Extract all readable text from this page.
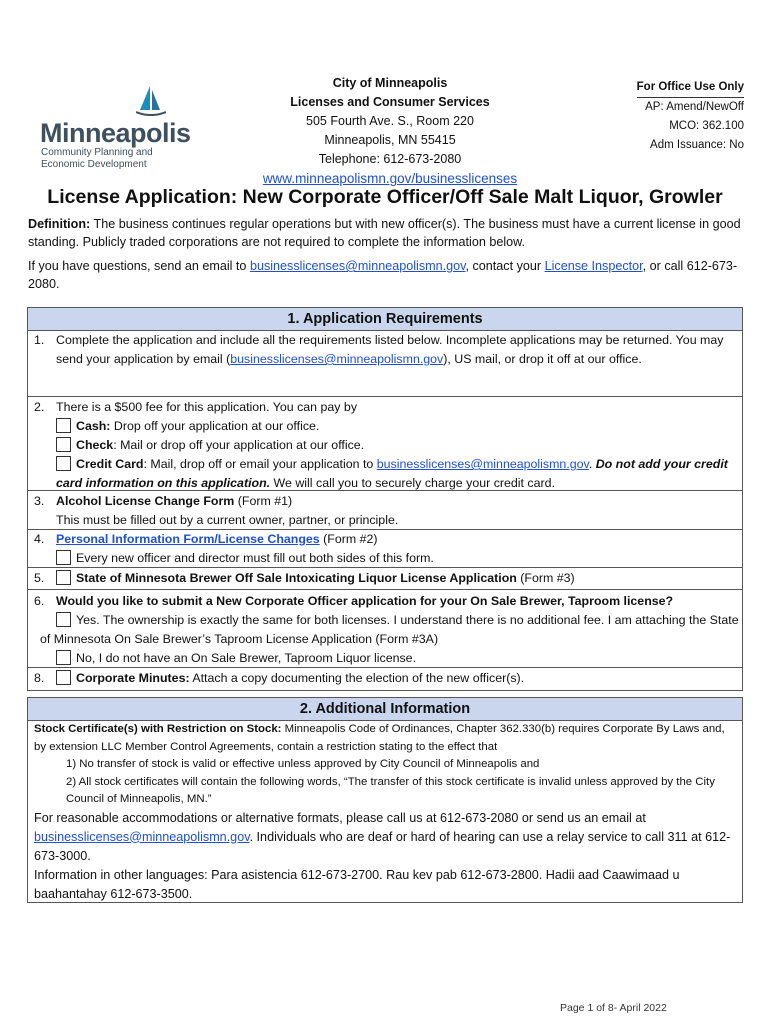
Minneapolis
Community Planning and
Economic Development
City of Minneapolis
Licenses and Consumer Services
505 Fourth Ave. S., Room 220
Minneapolis, MN 55415
Telephone: 612-673-2080
www.minneapolismn.gov/businesslicenses
For Office Use Only
AP: Amend/NewOff
MCO: 362.100
Adm Issuance: No
License Application: New Corporate Officer/Off Sale Malt Liquor, Growler
Definition: The business continues regular operations but with new officer(s). The business must have a current license in good standing. Publicly traded corporations are not required to complete the information below.
If you have questions, send an email to businesslicenses@minneapolismn.gov, contact your License Inspector, or call 612-673-2080.
1. Application Requirements
1. Complete the application and include all the requirements listed below. Incomplete applications may be returned. You may send your application by email (businesslicenses@minneapolismn.gov), US mail, or drop it off at our office.
2. There is a $500 fee for this application. You can pay by
Cash: Drop off your application at our office.
Check: Mail or drop off your application at our office.
Credit Card: Mail, drop off or email your application to businesslicenses@minneapolismn.gov. Do not add your credit card information on this application. We will call you to securely charge your credit card.
3. Alcohol License Change Form (Form #1)
This must be filled out by a current owner, partner, or principle.
4. Personal Information Form/License Changes (Form #2)
Every new officer and director must fill out both sides of this form.
5.	State of Minnesota Brewer Off Sale Intoxicating Liquor License Application (Form #3)
6. Would you like to submit a New Corporate Officer application for your On Sale Brewer, Taproom license?
Yes. The ownership is exactly the same for both licenses. I understand there is no additional fee. I am attaching the State of Minnesota On Sale Brewer’s Taproom License Application (Form #3A)
No, I do not have an On Sale Brewer, Taproom Liquor license.
8.	Corporate Minutes: Attach a copy documenting the election of the new officer(s).
2. Additional Information
Stock Certificate(s) with Restriction on Stock: Minneapolis Code of Ordinances, Chapter 362.330(b) requires Corporate By Laws and, by extension LLC Member Control Agreements, contain a restriction stating to the effect that
1) No transfer of stock is valid or effective unless approved by City Council of Minneapolis and
2) All stock certificates will contain the following words, “The transfer of this stock certificate is invalid unless approved by the City Council of Minneapolis, MN.”
For reasonable accommodations or alternative formats, please call us at 612-673-2080 or send us an email at businesslicenses@minneapolismn.gov. Individuals who are deaf or hard of hearing can use a relay service to call 311 at 612-673-3000.
Information in other languages: Para asistencia 612-673-2700. Rau kev pab 612-673-2800. Hadii aad Caawimaad u baahantahay 612-673-3500.
Page 1 of 8- April 2022
